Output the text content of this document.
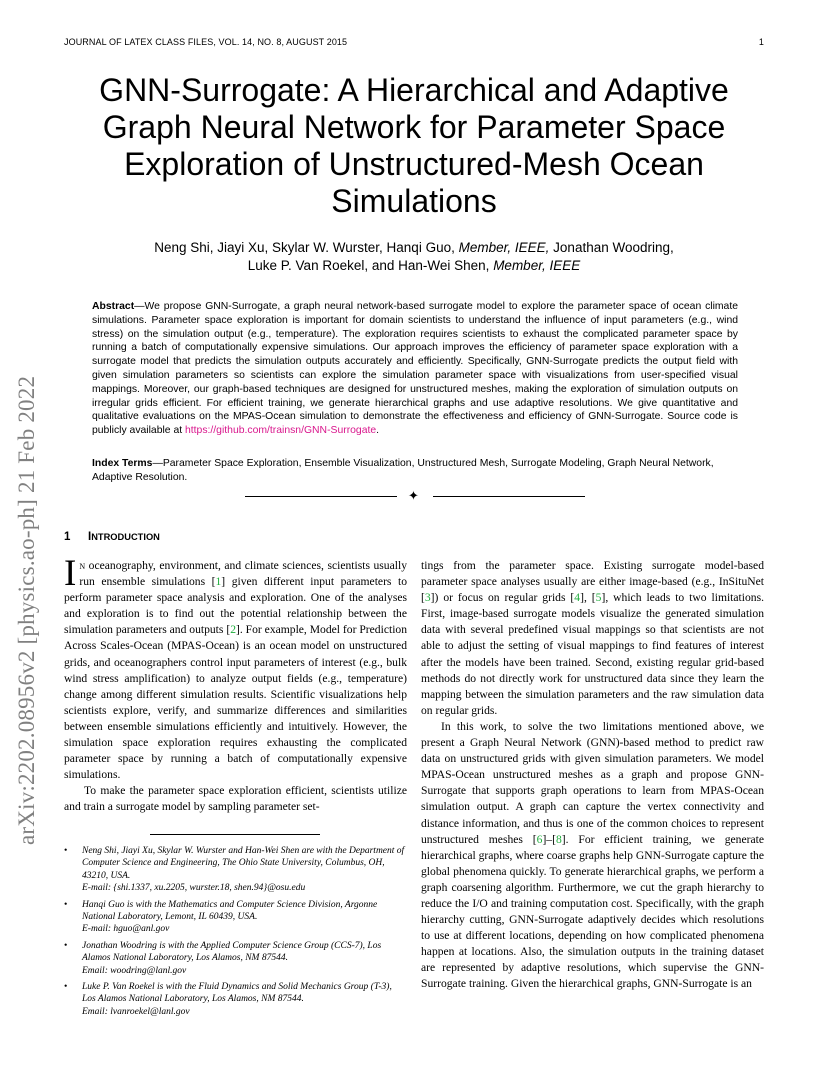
JOURNAL OF LATEX CLASS FILES, VOL. 14, NO. 8, AUGUST 2015	1
arXiv:2202.08956v2 [physics.ao-ph] 21 Feb 2022
GNN-Surrogate: A Hierarchical and Adaptive Graph Neural Network for Parameter Space Exploration of Unstructured-Mesh Ocean Simulations
Neng Shi, Jiayi Xu, Skylar W. Wurster, Hanqi Guo, Member, IEEE, Jonathan Woodring,
Luke P. Van Roekel, and Han-Wei Shen, Member, IEEE
Abstract—We propose GNN-Surrogate, a graph neural network-based surrogate model to explore the parameter space of ocean climate simulations. Parameter space exploration is important for domain scientists to understand the influence of input parameters (e.g., wind stress) on the simulation output (e.g., temperature). The exploration requires scientists to exhaust the complicated parameter space by running a batch of computationally expensive simulations. Our approach improves the efficiency of parameter space exploration with a surrogate model that predicts the simulation outputs accurately and efficiently. Specifically, GNN-Surrogate predicts the output field with given simulation parameters so scientists can explore the simulation parameter space with visualizations from user-specified visual mappings. Moreover, our graph-based techniques are designed for unstructured meshes, making the exploration of simulation outputs on irregular grids efficient. For efficient training, we generate hierarchical graphs and use adaptive resolutions. We give quantitative and qualitative evaluations on the MPAS-Ocean simulation to demonstrate the effectiveness and efficiency of GNN-Surrogate. Source code is publicly available at https://github.com/trainsn/GNN-Surrogate.
Index Terms—Parameter Space Exploration, Ensemble Visualization, Unstructured Mesh, Surrogate Modeling, Graph Neural Network, Adaptive Resolution.
✦
1 INTRODUCTION

In oceanography, environment, and climate sciences, scientists usually run ensemble simulations [1] given different input parameters to perform parameter space analysis and exploration. One of the analyses and exploration is to find out the potential relationship between the simulation parameters and outputs [2]. For example, Model for Prediction Across Scales-Ocean (MPAS-Ocean) is an ocean model on unstructured grids, and oceanographers control input parameters of interest (e.g., bulk wind stress amplification) to analyze output fields (e.g., temperature) change among different simulation results. Scientific visualizations help scientists explore, verify, and summarize differences and similarities between ensemble simulations efficiently and intuitively. However, the simulation space exploration requires exhausting the complicated parameter space by running a batch of computationally expensive simulations.

To make the parameter space exploration efficient, scientists utilize and train a surrogate model by sampling parameter set-

• Neng Shi, Jiayi Xu, Skylar W. Wurster and Han-Wei Shen are with the Department of Computer Science and Engineering, The Ohio State University, Columbus, OH, 43210, USA.
E-mail: {shi.1337, xu.2205, wurster.18, shen.94}@osu.edu
• Hanqi Guo is with the Mathematics and Computer Science Division, Argonne National Laboratory, Lemont, IL 60439, USA.
E-mail: hguo@anl.gov
• Jonathan Woodring is with the Applied Computer Science Group (CCS-7), Los Alamos National Laboratory, Los Alamos, NM 87544.
Email: woodring@lanl.gov
• Luke P. Van Roekel is with the Fluid Dynamics and Solid Mechanics Group (T-3), Los Alamos National Laboratory, Los Alamos, NM 87544.
Email: lvanroekel@lanl.gov

tings from the parameter space. Existing surrogate model-based parameter space analyses usually are either image-based (e.g., InSituNet [3]) or focus on regular grids [4], [5], which leads to two limitations. First, image-based surrogate models visualize the generated simulation data with several predefined visual mappings so that scientists are not able to adjust the setting of visual mappings to find features of interest after the models have been trained. Second, existing regular grid-based methods do not directly work for unstructured data since they learn the mapping between the simulation parameters and the raw simulation data on regular grids.

In this work, to solve the two limitations mentioned above, we present a Graph Neural Network (GNN)-based method to predict raw data on unstructured grids with given simulation parameters. We model MPAS-Ocean unstructured meshes as a graph and propose GNN-Surrogate that supports graph operations to learn from MPAS-Ocean simulation output. A graph can capture the vertex connectivity and distance information, and thus is one of the common choices to represent unstructured meshes [6]–[8]. For efficient training, we generate hierarchical graphs, where coarse graphs help GNN-Surrogate capture the global phenomena quickly. To generate hierarchical graphs, we perform a graph coarsening algorithm. Furthermore, we cut the graph hierarchy to reduce the I/O and training computation cost. Specifically, with the graph hierarchy cutting, GNN-Surrogate adaptively decides which resolutions to use at different locations, depending on how complicated phenomena happen at locations. Also, the simulation outputs in the training dataset are represented by adaptive resolutions, which supervise the GNN-Surrogate training. Given the hierarchical graphs, GNN-Surrogate is an
